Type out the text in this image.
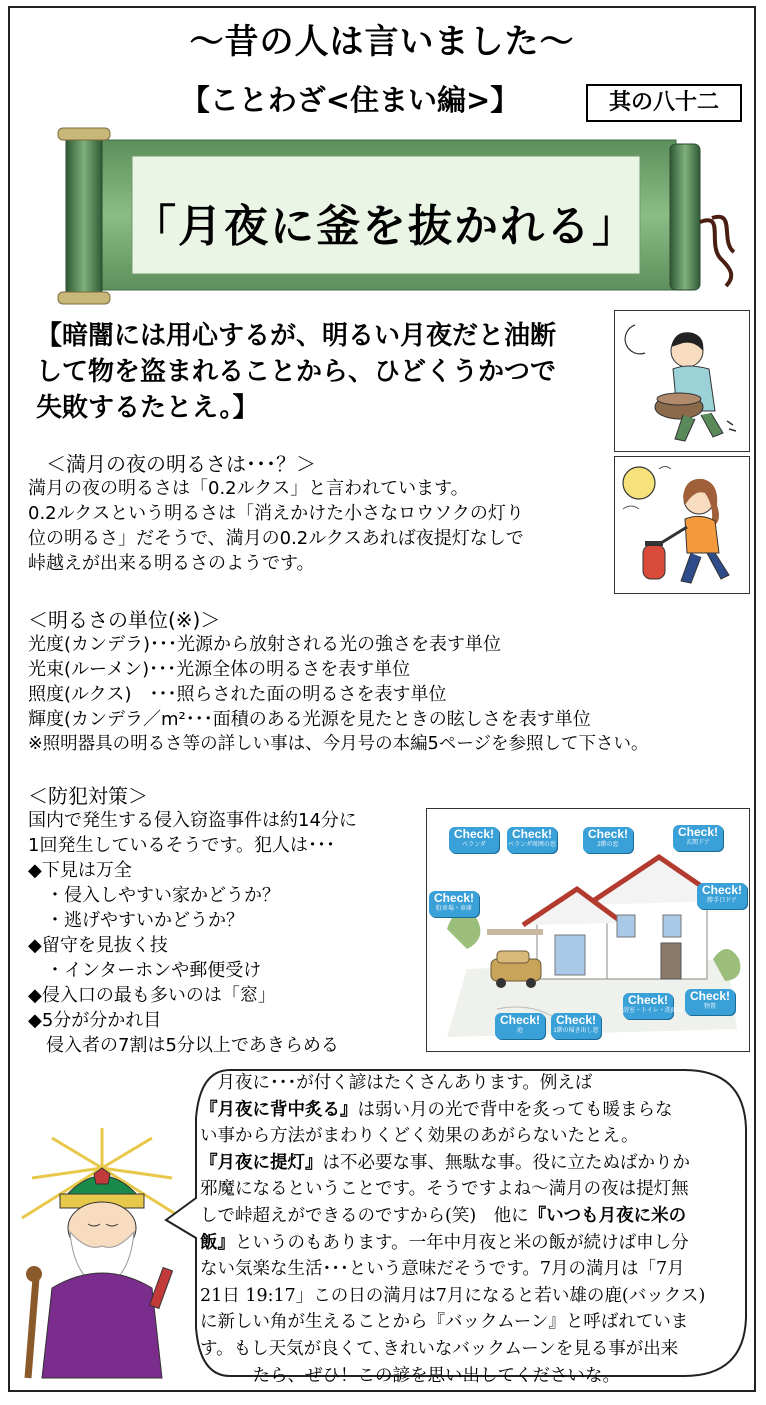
～昔の人は言いました～
【ことわざ<住まい編>】	其の八十二
「月夜に釜を抜かれる」
【暗闇には用心するが、明るい月夜だと油断
して物を盗まれることから、ひどくうかつで
失敗するたとえ。】
＜満月の夜の明るさは･･･？＞

満月の夜の明るさは「0.2ルクス」と言われています。

0.2ルクスという明るさは「消えかけた小さなロウソクの灯り

位の明るさ」だそうで、満月の0.2ルクスあれば夜提灯なしで

峠越えが出来る明るさのようです。

＜明るさの単位(※)＞

光度(カンデラ)･･･光源から放射される光の強さを表す単位

光束(ルーメン)･･･光源全体の明るさを表す単位

照度(ルクス)　･･･照らされた面の明るさを表す単位

輝度(カンデラ／m²･･･面積のある光源を見たときの眩しさを表す単位

※照明器具の明るさ等の詳しい事は、今月号の本編5ページを参照して下さい。

＜防犯対策＞

国内で発生する侵入窃盗事件は約14分に

1回発生しているそうです。犯人は･･･

◆下見は万全

　・侵入しやすい家かどうか？

　・逃げやすいかどうか？

◆留守を見抜く技

　・インターホンや郵便受け

◆侵入口の最も多いのは「窓」

◆5分が分かれ目

　侵入者の7割は5分以上であきらめる

Check!
ベランダ
Check!
ベランダ周囲の窓
Check!
2階の窓
Check!
玄関ドア
Check!
駐車場・車庫
Check!
勝手口ドア
Check!
庭
Check!
1階の掃き出し窓
Check!
浴室・トイレ・洗面所
Check!
物置

　月夜に･･･が付く諺はたくさんあります。例えば

『月夜に背中炙る』は弱い月の光で背中を炙っても暖まらな

い事から方法がまわりくどく効果のあがらないたとえ。

『月夜に提灯』は不必要な事、無駄な事。役に立たぬばかりか

邪魔になるということです。そうですよね～満月の夜は提灯無

しで峠超えができるのですから(笑)　他に『いつも月夜に米の

飯』というのもあります。一年中月夜と米の飯が続けば申し分

ない気楽な生活･･･という意味だそうです。7月の満月は「7月

21日 19:17」この日の満月は7月になると若い雄の鹿(バックス)

に新しい角が生えることから『バックムーン』と呼ばれていま

す。もし天気が良くて､きれいなバックムーンを見る事が出来

　　　たら、ぜひ！この諺を思い出してくださいな。
